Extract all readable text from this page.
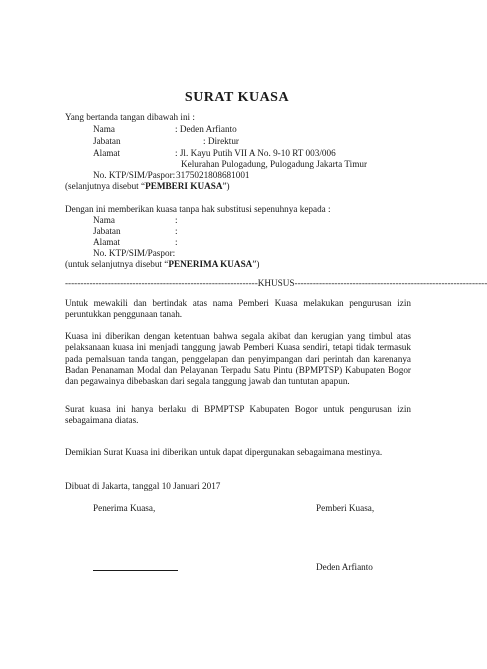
SURAT KUASA
Yang bertanda tangan dibawah ini :
Nama	: Deden Arfianto
Jabatan	: Direktur
Alamat	: Jl. Kayu Putih VII A No. 9-10 RT 003/006
Kelurahan Pulogadung, Pulogadung Jakarta Timur
No. KTP/SIM/Paspor: 3175021808681001
(selanjutnya disebut “PEMBERI KUASA”)
Dengan ini memberikan kuasa tanpa hak substitusi sepenuhnya kepada :
Nama	:
Jabatan	:
Alamat	:
No. KTP/SIM/Paspor:
(untuk selanjutnya disebut “PENERIMA KUASA”)
---------------------------------------------------------------KHUSUS---------------------------------------------------------------
Untuk mewakili dan bertindak atas nama Pemberi Kuasa melakukan pengurusan izin peruntukkan penggunaan tanah.
Kuasa ini diberikan dengan ketentuan bahwa segala akibat dan kerugian yang timbul atas pelaksanaan kuasa ini menjadi tanggung jawab Pemberi Kuasa sendiri, tetapi tidak termasuk pada pemalsuan tanda tangan, penggelapan dan penyimpangan dari perintah dan karenanya Badan Penanaman Modal dan Pelayanan Terpadu Satu Pintu (BPMPTSP) Kabupaten Bogor dan pegawainya dibebaskan dari segala tanggung jawab dan tuntutan apapun.
Surat kuasa ini hanya berlaku di BPMPTSP Kabupaten Bogor untuk pengurusan izin sebagaimana diatas.
Demikian Surat Kuasa ini diberikan untuk dapat dipergunakan sebagaimana mestinya.
Dibuat di Jakarta, tanggal 10 Januari 2017
Penerima Kuasa,	Pemberi Kuasa,
Deden Arfianto
